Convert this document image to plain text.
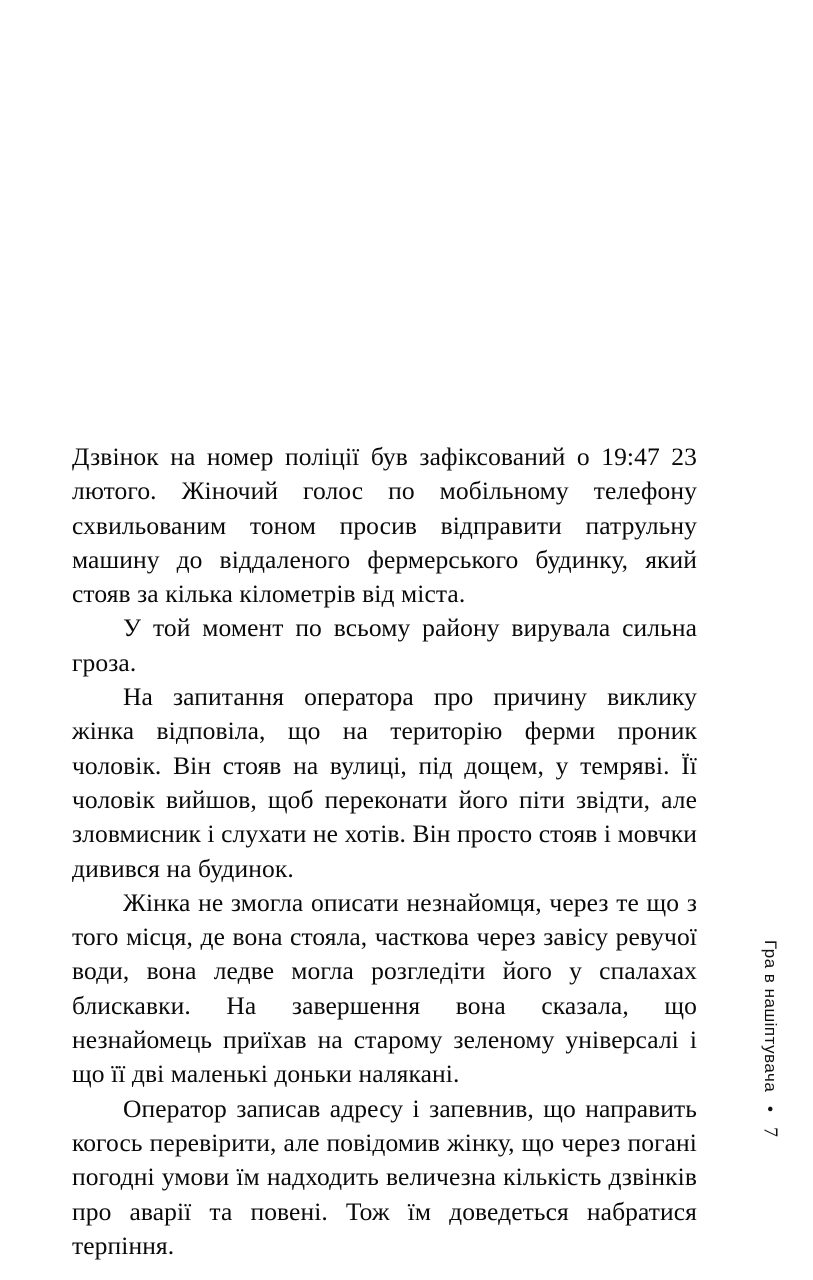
Дзвінок на номер поліції був зафіксований о 19:47 23 лютого. Жіночий голос по мобільному телефону схвильованим тоном просив відправити патрульну машину до віддаленого фермерського будинку, який стояв за кілька кілометрів від міста.

У той момент по всьому району вирувала сильна гроза.

На запитання оператора про причину виклику жінка відповіла, що на територію ферми проник чоловік. Він стояв на вулиці, під дощем, у темряві. Її чоловік вийшов, щоб переконати його піти звідти, але зловмисник і слухати не хотів. Він просто стояв і мовчки дивився на будинок.

Жінка не змогла описати незнайомця, через те що з того місця, де вона стояла, часткова через завісу ревучої води, вона ледве могла розгледіти його у спалахах блискавки. На завершення вона сказала, що незнайомець приїхав на старому зеленому універсалі і що її дві маленькі доньки налякані.

Оператор записав адресу і запевнив, що направить когось перевірити, але повідомив жінку, що через погані погодні умови їм надходить величезна кількість дзвінків про аварії та повені. Тож їм доведеться набратися терпіння.

Гра в нашіптувача
•
7
